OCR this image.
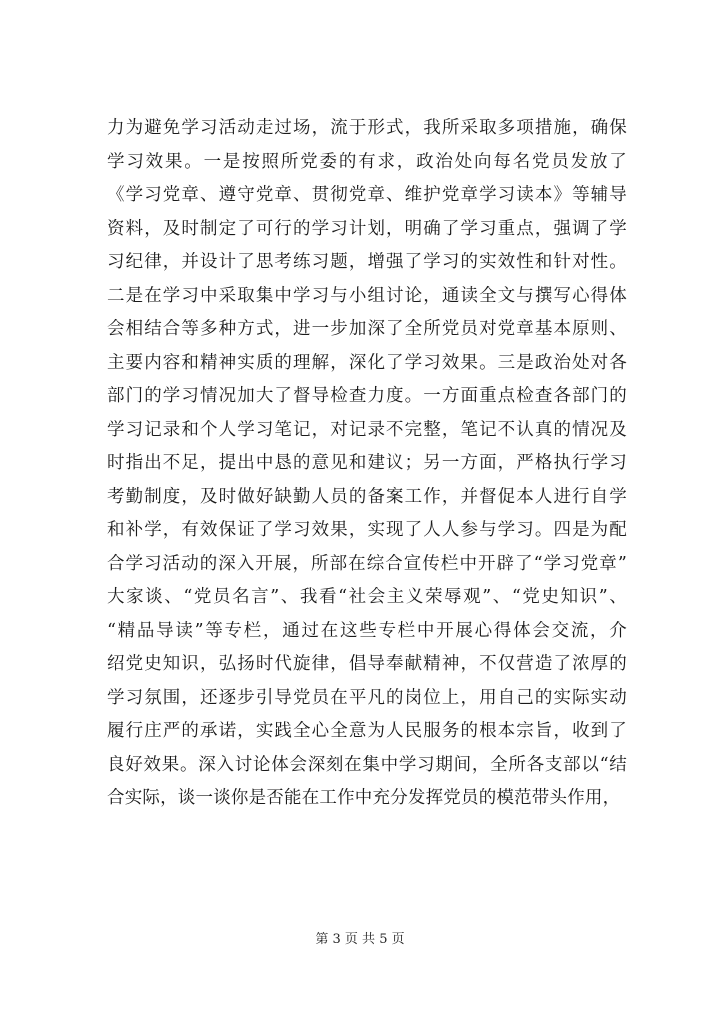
力为避免学习活动走过场，流于形式，我所采取多项措施，确保
学习效果。一是按照所党委的有求，政治处向每名党员发放了
《学习党章、遵守党章、贯彻党章、维护党章学习读本》等辅导
资料，及时制定了可行的学习计划，明确了学习重点，强调了学
习纪律，并设计了思考练习题，增强了学习的实效性和针对性。
二是在学习中采取集中学习与小组讨论，通读全文与撰写心得体
会相结合等多种方式，进一步加深了全所党员对党章基本原则、
主要内容和精神实质的理解，深化了学习效果。三是政治处对各
部门的学习情况加大了督导检查力度。一方面重点检查各部门的
学习记录和个人学习笔记，对记录不完整，笔记不认真的情况及
时指出不足，提出中恳的意见和建议；另一方面，严格执行学习
考勤制度，及时做好缺勤人员的备案工作，并督促本人进行自学
和补学，有效保证了学习效果，实现了人人参与学习。四是为配
合学习活动的深入开展，所部在综合宣传栏中开辟了“学习党章”
大家谈、“党员名言”、我看“社会主义荣辱观”、“党史知识”、
“精品导读”等专栏，通过在这些专栏中开展心得体会交流，介
绍党史知识，弘扬时代旋律，倡导奉献精神，不仅营造了浓厚的
学习氛围，还逐步引导党员在平凡的岗位上，用自己的实际实动
履行庄严的承诺，实践全心全意为人民服务的根本宗旨，收到了
良好效果。深入讨论体会深刻在集中学习期间，全所各支部以“结
合实际，谈一谈你是否能在工作中充分发挥党员的模范带头作用，
第 3 页 共 5 页
